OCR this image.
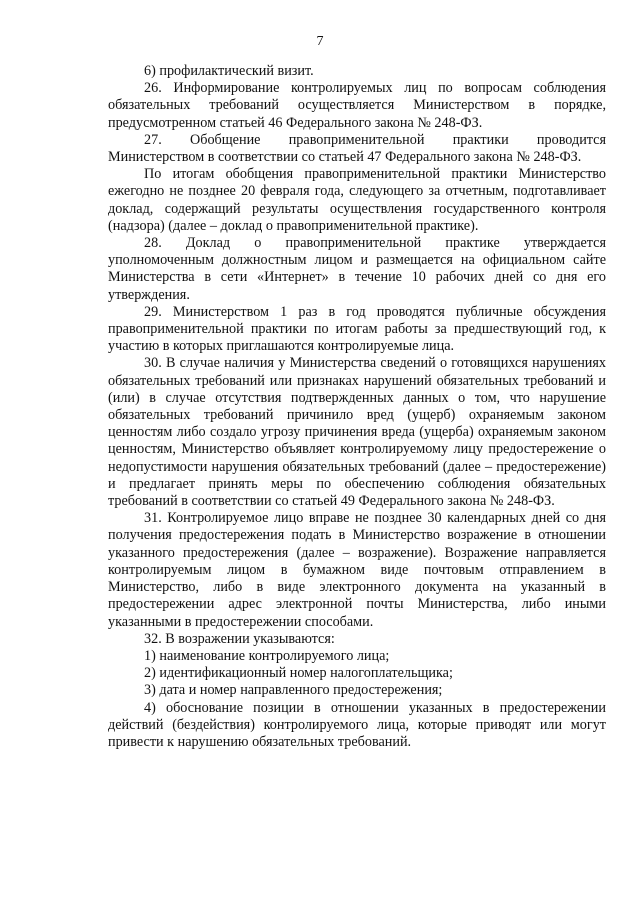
7

6) профилактический визит.

26. Информирование контролируемых лиц по вопросам соблюдения обязательных требований осуществляется Министерством в порядке, предусмотренном статьей 46 Федерального закона № 248-ФЗ.

27. Обобщение правоприменительной практики проводится Министерством в соответствии со статьей 47 Федерального закона № 248-ФЗ.

По итогам обобщения правоприменительной практики Министерство ежегодно не позднее 20 февраля года, следующего за отчетным, подготавливает доклад, содержащий результаты осуществления государственного контроля (надзора) (далее – доклад о правоприменительной практике).

28. Доклад о правоприменительной практике утверждается уполномоченным должностным лицом и размещается на официальном сайте Министерства в сети «Интернет» в течение 10 рабочих дней со дня его утверждения.

29. Министерством 1 раз в год проводятся публичные обсуждения правоприменительной практики по итогам работы за предшествующий год, к участию в которых приглашаются контролируемые лица.

30. В случае наличия у Министерства сведений о готовящихся нарушениях обязательных требований или признаках нарушений обязательных требований и (или) в случае отсутствия подтвержденных данных о том, что нарушение обязательных требований причинило вред (ущерб) охраняемым законом ценностям либо создало угрозу причинения вреда (ущерба) охраняемым законом ценностям, Министерство объявляет контролируемому лицу предостережение о недопустимости нарушения обязательных требований (далее – предостережение) и предлагает принять меры по обеспечению соблюдения обязательных требований в соответствии со статьей 49 Федерального закона № 248-ФЗ.

31. Контролируемое лицо вправе не позднее 30 календарных дней со дня получения предостережения подать в Министерство возражение в отношении указанного предостережения (далее – возражение). Возражение направляется контролируемым лицом в бумажном виде почтовым отправлением в Министерство, либо в виде электронного документа на указанный в предостережении адрес электронной почты Министерства, либо иными указанными в предостережении способами.

32. В возражении указываются:

1) наименование контролируемого лица;

2) идентификационный номер налогоплательщика;

3) дата и номер направленного предостережения;

4) обоснование позиции в отношении указанных в предостережении действий (бездействия) контролируемого лица, которые приводят или могут привести к нарушению обязательных требований.
